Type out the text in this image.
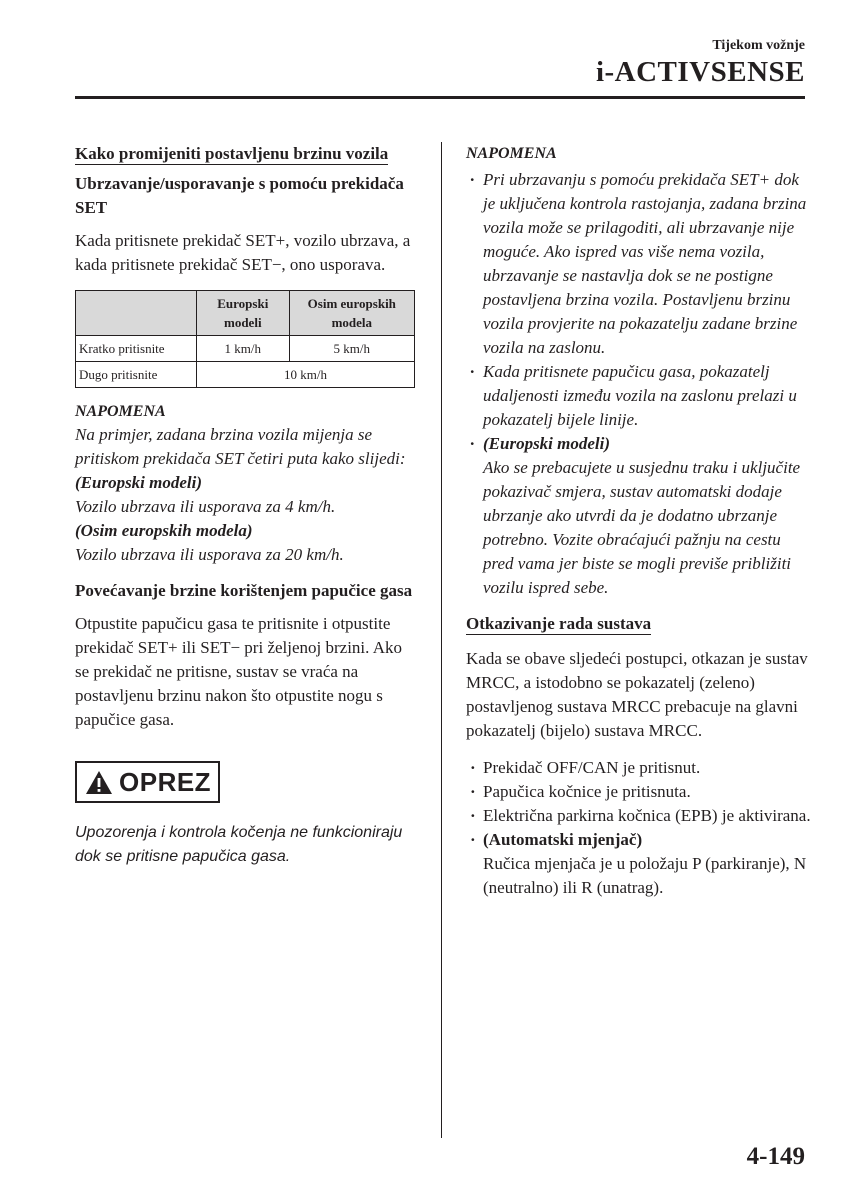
Tijekom vožnje
i-ACTIVSENSE
Kako promijeniti postavljenu brzinu vozila
Ubrzavanje/usporavanje s pomoću prekidača SET
Kada pritisnete prekidač SET+, vozilo ubrzava, a kada pritisnete prekidač SET−, ono usporava.
	Europski modeli	Osim europskih modela
Kratko pritisnite	1 km/h	5 km/h
Dugo pritisnite	10 km/h	
NAPOMENA
Na primjer, zadana brzina vozila mijenja se pritiskom prekidača SET četiri puta kako slijedi:
(Europski modeli)
Vozilo ubrzava ili usporava za 4 km/h.
(Osim europskih modela)
Vozilo ubrzava ili usporava za 20 km/h.
Povećavanje brzine korištenjem papučice gasa
Otpustite papučicu gasa te pritisnite i otpustite prekidač SET+ ili SET− pri željenoj brzini. Ako se prekidač ne pritisne, sustav se vraća na postavljenu brzinu nakon što otpustite nogu s papučice gasa.
OPREZ
Upozorenja i kontrola kočenja ne funkcioniraju dok se pritisne papučica gasa.
NAPOMENA
· Pri ubrzavanju s pomoću prekidača SET+ dok je uključena kontrola rastojanja, zadana brzina vozila može se prilagoditi, ali ubrzavanje nije moguće. Ako ispred vas više nema vozila, ubrzavanje se nastavlja dok se ne postigne postavljena brzina vozila. Postavljenu brzinu vozila provjerite na pokazatelju zadane brzine vozila na zaslonu.
· Kada pritisnete papučicu gasa, pokazatelj udaljenosti između vozila na zaslonu prelazi u pokazatelj bijele linije.
· (Europski modeli)
Ako se prebacujete u susjednu traku i uključite pokazivač smjera, sustav automatski dodaje ubrzanje ako utvrdi da je dodatno ubrzanje potrebno. Vozite obraćajući pažnju na cestu pred vama jer biste se mogli previše približiti vozilu ispred sebe.
Otkazivanje rada sustava
Kada se obave sljedeći postupci, otkazan je sustav MRCC, a istodobno se pokazatelj (zeleno) postavljenog sustava MRCC prebacuje na glavni pokazatelj (bijelo) sustava MRCC.
· Prekidač OFF/CAN je pritisnut.
· Papučica kočnice je pritisnuta.
· Električna parkirna kočnica (EPB) je aktivirana.
· (Automatski mjenjač)
Ručica mjenjača je u položaju P (parkiranje), N (neutralno) ili R (unatrag).
4-149
